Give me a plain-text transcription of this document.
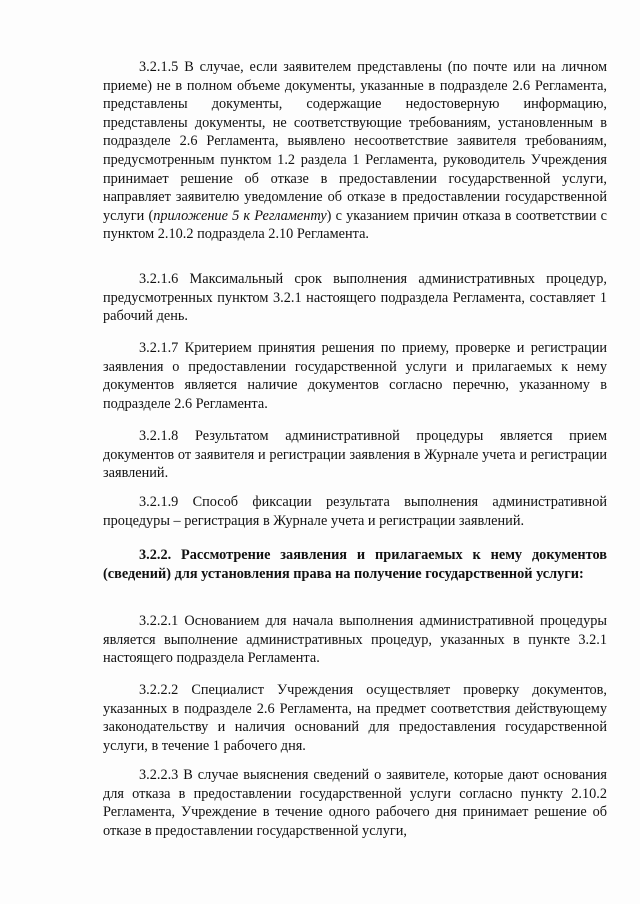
3.2.1.5 В случае, если заявителем представлены (по почте или на личном приеме) не в полном объеме документы, указанные в подразделе 2.6 Регламента, представлены документы, содержащие недостоверную информацию, представлены документы, не соответствующие требованиям, установленным в подразделе 2.6 Регламента, выявлено несоответствие заявителя требованиям, предусмотренным пунктом 1.2 раздела 1 Регламента, руководитель Учреждения принимает решение об отказе в предоставлении государственной услуги, направляет заявителю уведомление об отказе в предоставлении государственной услуги (приложение 5 к Регламенту) с указанием причин отказа в соответствии с пунктом 2.10.2 подраздела 2.10 Регламента.

3.2.1.6 Максимальный срок выполнения административных процедур, предусмотренных пунктом 3.2.1 настоящего подраздела Регламента, составляет 1 рабочий день.

3.2.1.7 Критерием принятия решения по приему, проверке и регистрации заявления о предоставлении государственной услуги и прилагаемых к нему документов является наличие документов согласно перечню, указанному в подразделе 2.6 Регламента.

3.2.1.8 Результатом административной процедуры является прием документов от заявителя и регистрации заявления в Журнале учета и регистрации заявлений.

3.2.1.9 Способ фиксации результата выполнения административной процедуры – регистрация в Журнале учета и регистрации заявлений.

3.2.2. Рассмотрение заявления и прилагаемых к нему документов (сведений) для установления права на получение государственной услуги:

3.2.2.1 Основанием для начала выполнения административной процедуры является выполнение административных процедур, указанных в пункте 3.2.1 настоящего подраздела Регламента.

3.2.2.2 Специалист Учреждения осуществляет проверку документов, указанных в подразделе 2.6 Регламента, на предмет соответствия действующему законодательству и наличия оснований для предоставления государственной услуги, в течение 1 рабочего дня.

3.2.2.3 В случае выяснения сведений о заявителе, которые дают основания для отказа в предоставлении государственной услуги согласно пункту 2.10.2 Регламента, Учреждение в течение одного рабочего дня принимает решение об отказе в предоставлении государственной услуги,
